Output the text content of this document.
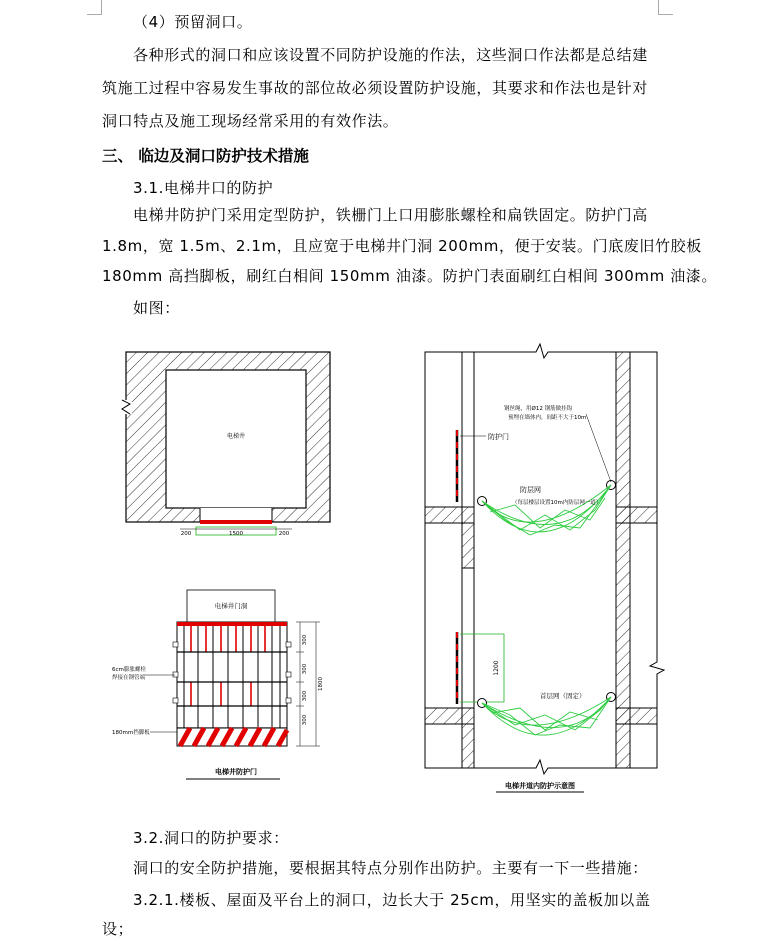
（4）预留洞口。
各种形式的洞口和应该设置不同防护设施的作法，这些洞口作法都是总结建
筑施工过程中容易发生事故的部位故必须设置防护设施，其要求和作法也是针对
洞口特点及施工现场经常采用的有效作法。
三、 临边及洞口防护技术措施
3.1.电梯井口的防护
电梯井防护门采用定型防护，铁栅门上口用膨胀螺栓和扁铁固定。防护门高
1.8m，宽 1.5m、2.1m，且应宽于电梯井门洞 200mm，便于安装。门底废旧竹胶板
180mm 高挡脚板，刷红白相间 150mm 油漆。防护门表面刷红白相间 300mm 油漆。
如图：
电梯井
200	1500	200
电梯井门洞
6cm膨胀螺栓
焊接在钢管端
180mm挡脚板
300
300
300
300
1800
电梯井防护门
防护门
1200
防层网
（每层楼层设置10m内防层网一道）
首层网（固定）
钢丝绳，用Ø12 钢筋做挂钩
预埋在墙体内，间距不大于10m
电梯井道内防护示意图
3.2.洞口的防护要求：
洞口的安全防护措施，要根据其特点分别作出防护。主要有一下一些措施：
3.2.1.楼板、屋面及平台上的洞口，边长大于 25cm，用坚实的盖板加以盖
设；
